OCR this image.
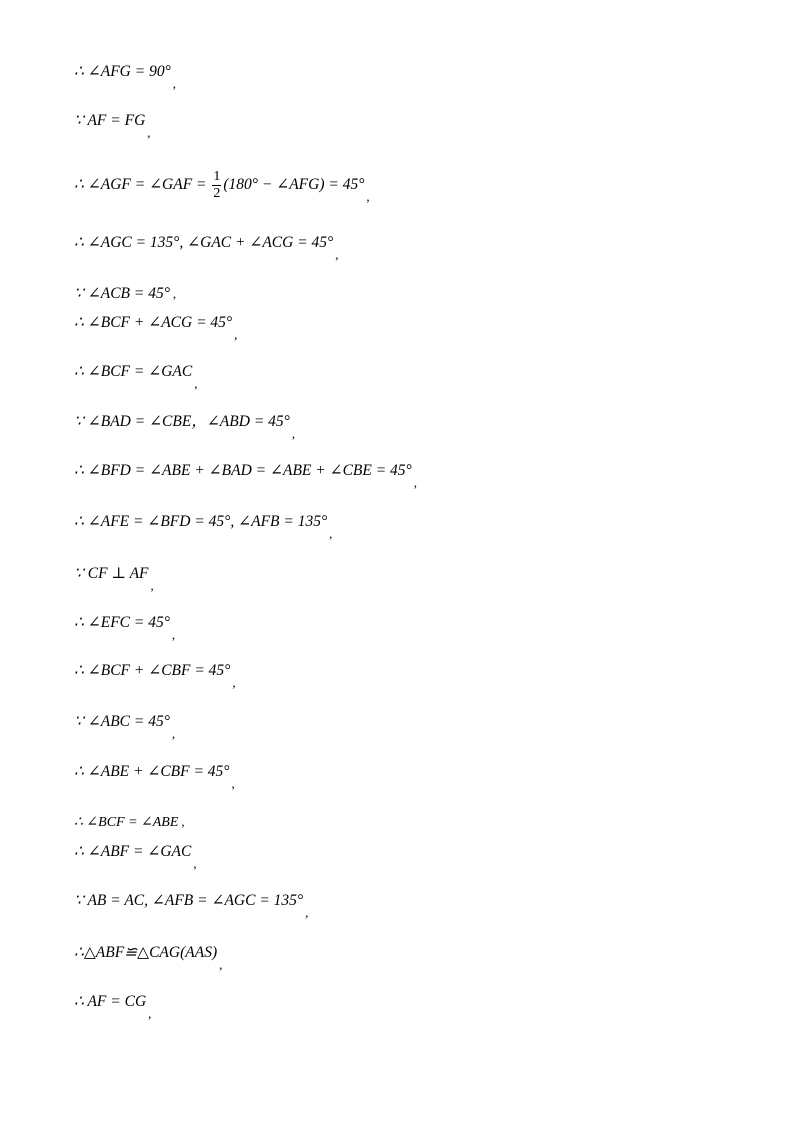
∴ ∠AFG = $90^\circ_,$
∵ AF = $FG_,$
∴ ∠AGF = ∠GAF = $\frac{1}{2} (180^\circ$ − ∠AFG) = $45^\circ_,$
∴ ∠AGC = 135°, ∠GAC + ∠ACG = $45^\circ_,$
∵ ∠ACB = 45° ,
∴ ∠BCF + ∠ACG = $45^\circ_,$
∴ ∠BCF = $\angle GAC_,$
∵ ∠BAD = ∠CBE，∠ABD = $45^\circ_,$
∴ ∠BFD = ∠ABE + ∠BAD = ∠ABE + ∠CBE = $45^\circ_,$
∴ ∠AFE = ∠BFD = 45°, ∠AFB = $135^\circ_,$
∵ CF ⊥ $AF_,$
∴ ∠EFC = $45^\circ_,$
∴ ∠BCF + ∠CBF = $45^\circ_,$
∵ ∠ABC = $45^\circ_,$
∴ ∠ABE + ∠CBF = $45^\circ_,$
∴ ∠BCF = ∠ABE ,
∴ ∠ABF = $\angle GAC_,$
∵ AB = AC, ∠AFB = ∠AGC = $135^\circ_,$
$\therefore\triangle ABF≌\triangle CAG(AAS)_,$
∴ AF = $CG_,$
